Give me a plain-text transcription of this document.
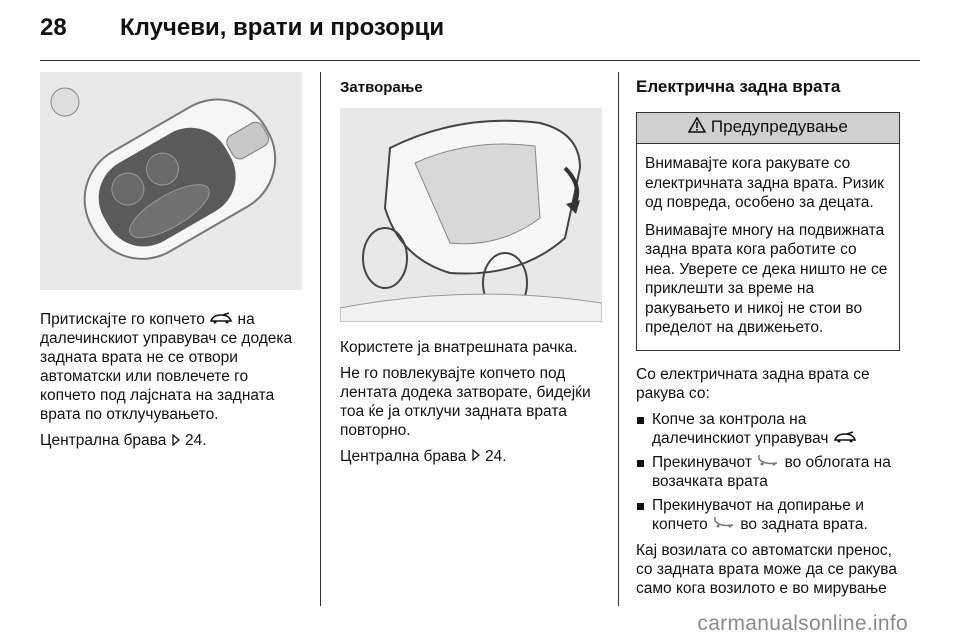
28 Клучеви, врати и прозорци

Притискајте го копчето на далечинскиот управувач се додека задната врата не се отвори автоматски или повлечете го копчето под лајсната на задната врата по отклучувањето.

Централна брава 24.

Затворање

Користете ја внатрешната рачка.

Не го повлекувајте копчето под лентата додека затворате, бидејќи тоа ќе ја отклучи задната врата повторно.

Централна брава 24.

Електрична задна врата
Предупредување

Внимавајте кога ракувате со електричната задна врата. Ризик од повреда, особено за децата.

Внимавајте многу на подвижната задна врата кога работите со неа. Уверете се дека ништо не се приклешти за време на ракувањето и никој не стои во пределот на движењето.

Со електричната задна врата се ракува со:

Копче за контрола на далечинскиот управувач
Прекинувачот во облогата на возачката врата
Прекинувачот на допирање и копчето во задната врата.

Кај возилата со автоматски пренос, со задната врата може да се ракува само кога возилото е во мирување

carmanualsonline.info
